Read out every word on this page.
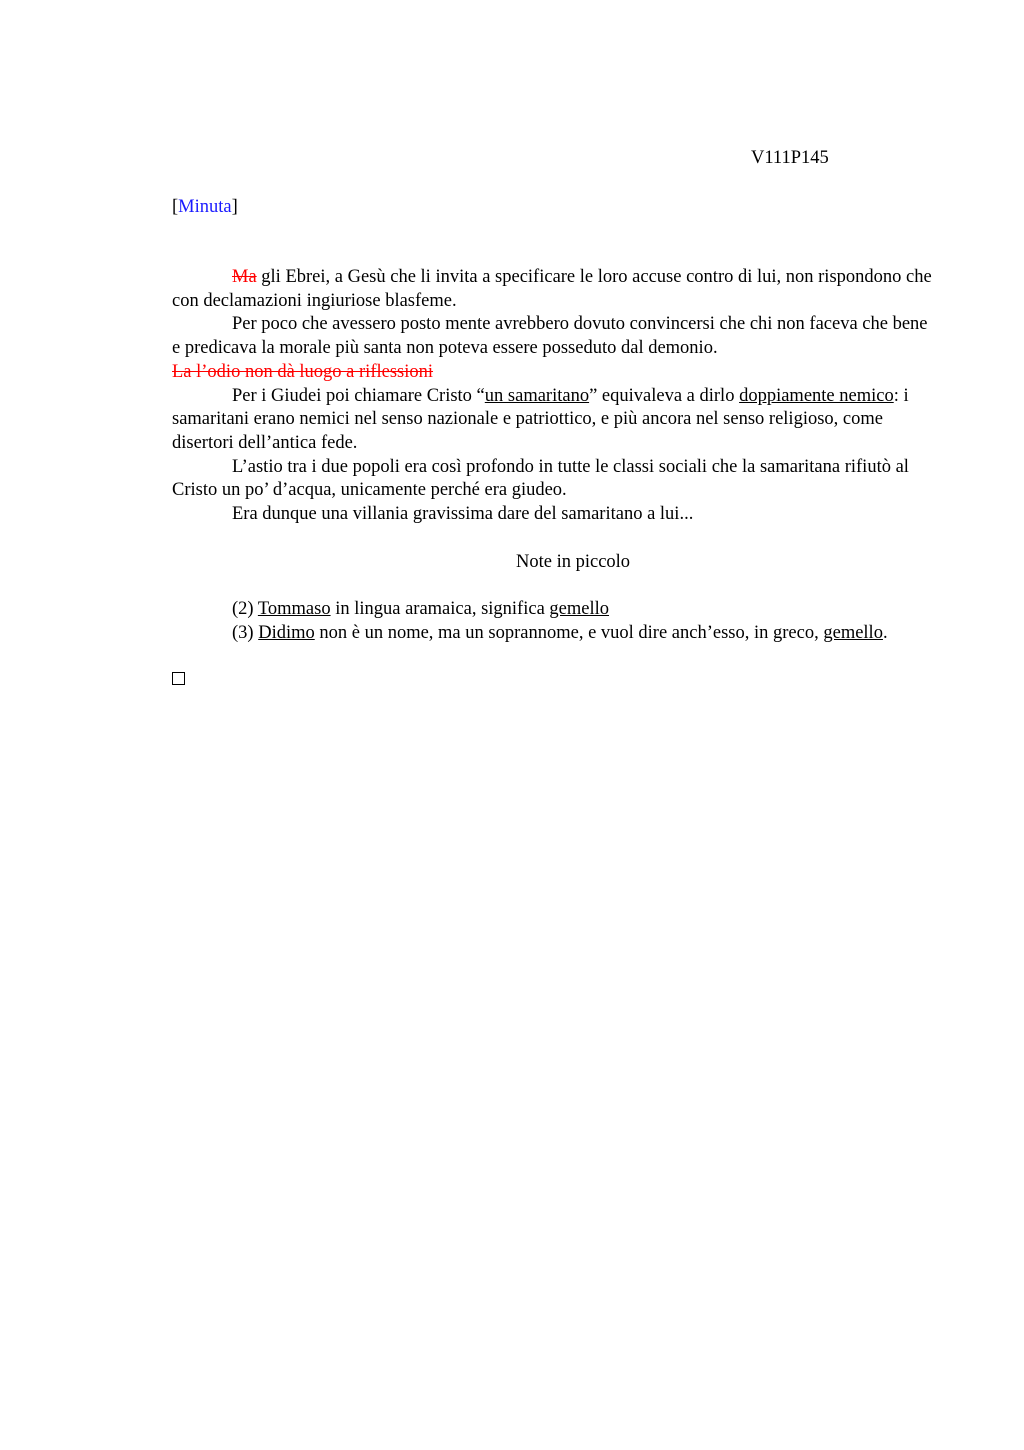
V111P145
[Minuta]

Ma gli Ebrei, a Gesù che li invita a specificare le loro accuse contro di lui, non rispondono che con declamazioni ingiuriose blasfeme.

Per poco che avessero posto mente avrebbero dovuto convincersi che chi non faceva che bene e predicava la morale più santa non poteva essere posseduto dal demonio.

La l’odio non dà luogo a riflessioni

Per i Giudei poi chiamare Cristo “un samaritano” equivaleva a dirlo doppiamente nemico: i samaritani erano nemici nel senso nazionale e patriottico, e più ancora nel senso religioso, come disertori dell’antica fede.

L’astio tra i due popoli era così profondo in tutte le classi sociali che la samaritana rifiutò al Cristo un po’ d’acqua, unicamente perché era giudeo.

Era dunque una villania gravissima dare del samaritano a lui...

Note in piccolo

(2) Tommaso in lingua aramaica, significa gemello

(3) Didimo non è un nome, ma un soprannome, e vuol dire anch’esso, in greco, gemello.
